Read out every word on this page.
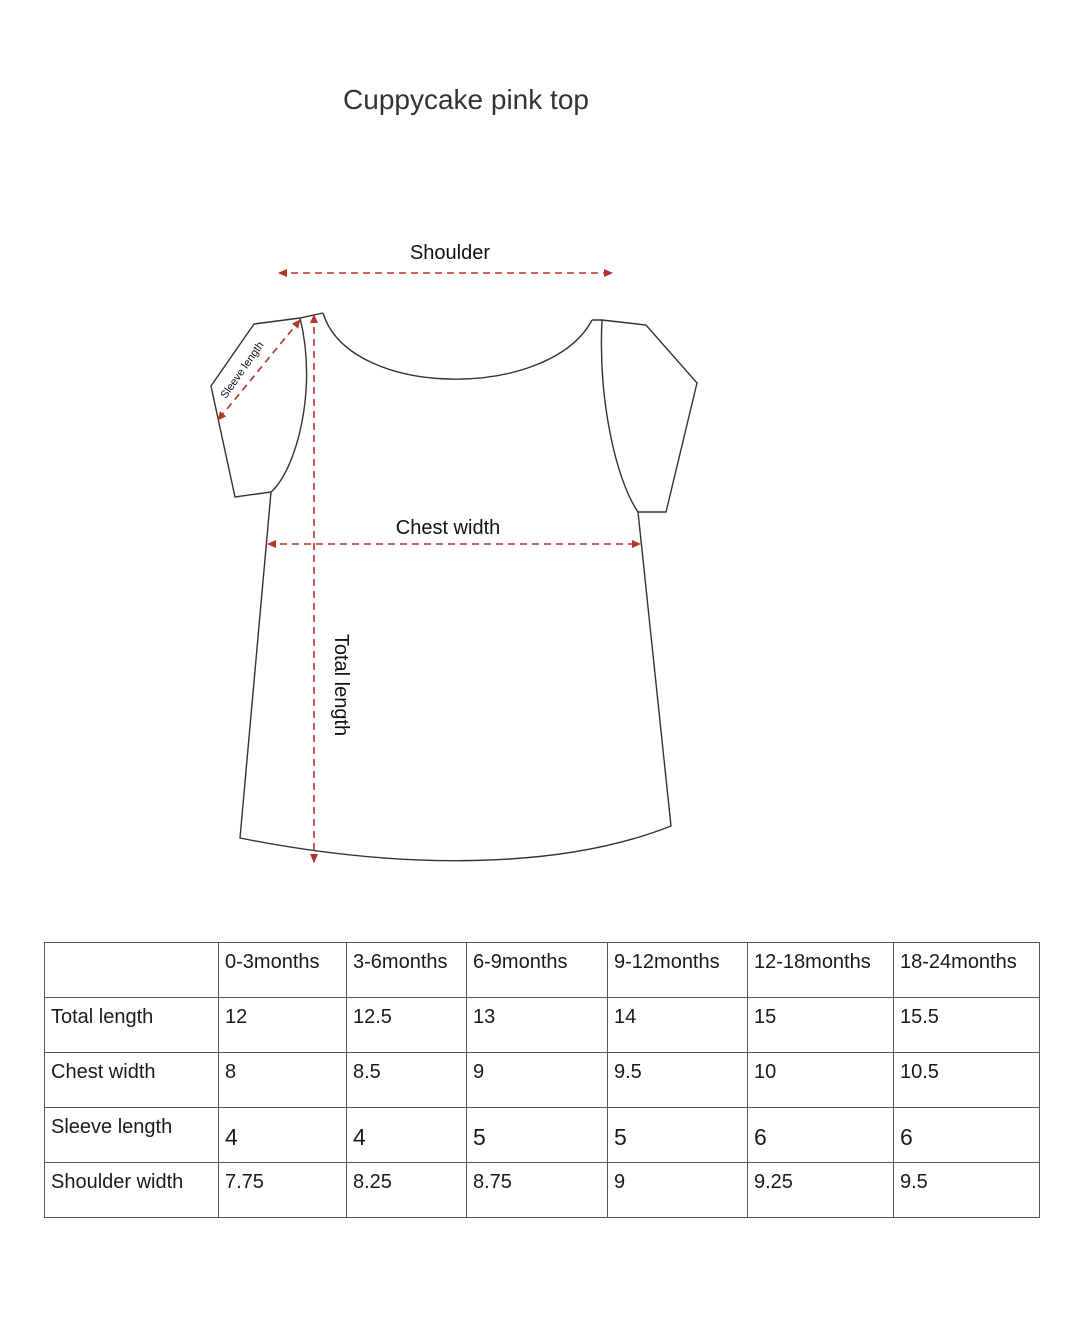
Cuppycake pink top
Shoulder
Chest width
Total length
Sleeve length
	0-3months	3-6months	6-9months	9-12months	12-18months	18-24months
Total length	12	12.5	13	14	15	15.5
Chest width	8	8.5	9	9.5	10	10.5
Sleeve length	4	4	5	5	6	6
Shoulder width	7.75	8.25	8.75	9	9.25	9.5
